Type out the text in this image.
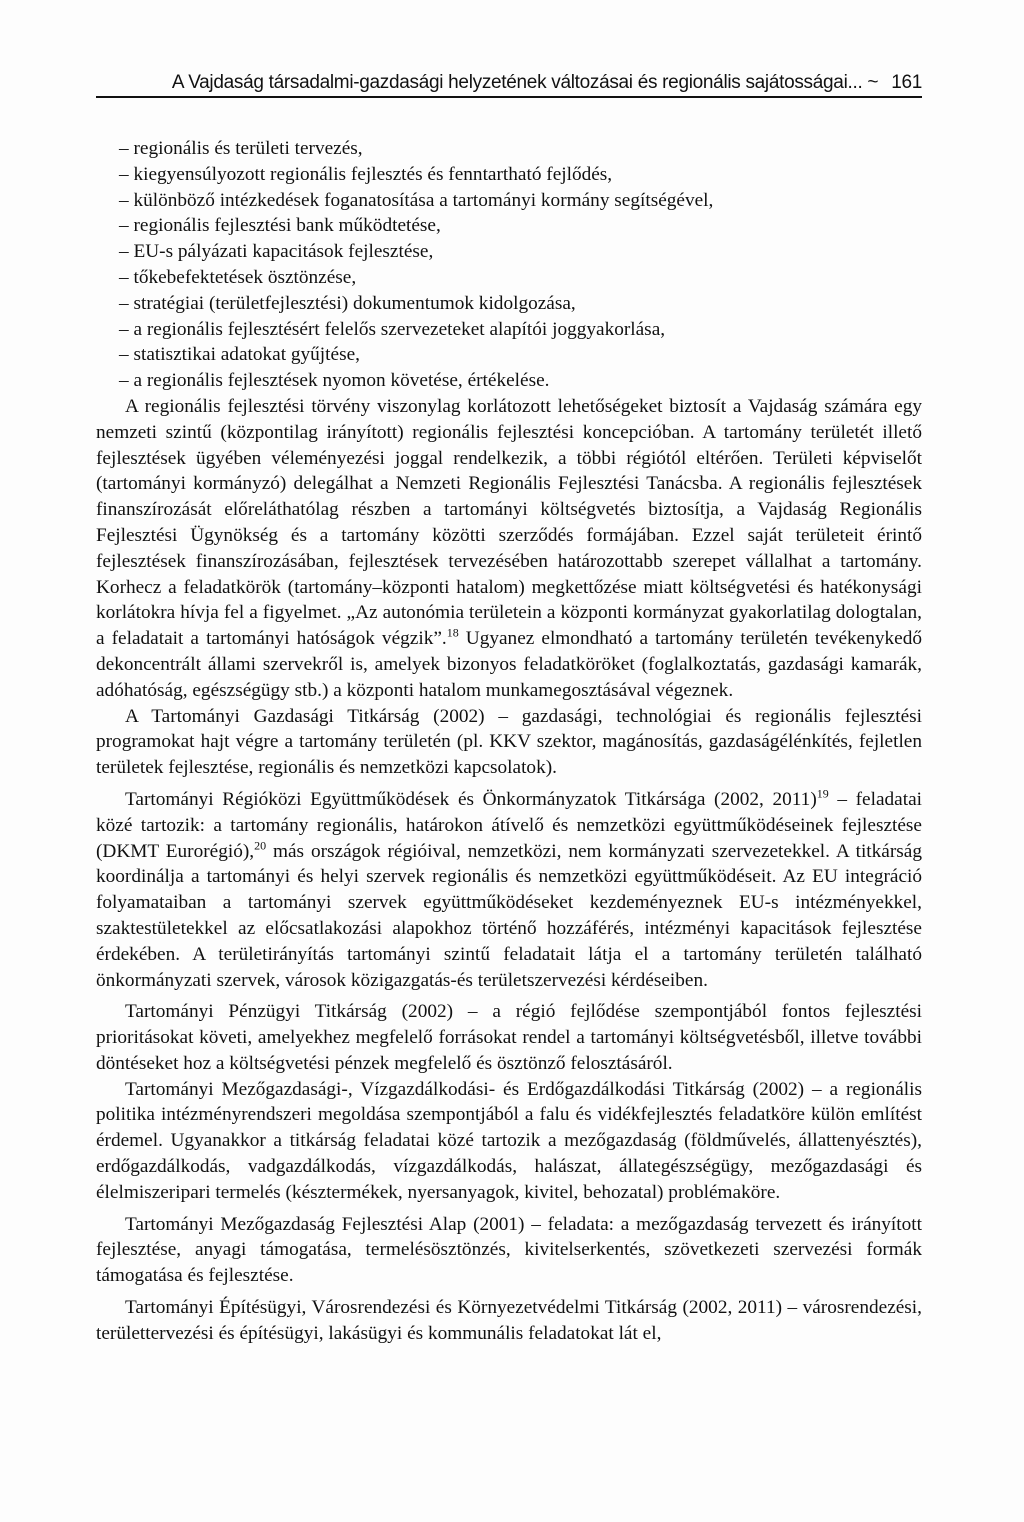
A Vajdaság társadalmi-gazdasági helyzetének változásai és regionális sajátosságai... ~ 161
– regionális és területi tervezés,
– kiegyensúlyozott regionális fejlesztés és fenntartható fejlődés,
– különböző intézkedések foganatosítása a tartományi kormány segítségével,
– regionális fejlesztési bank működtetése,
– EU-s pályázati kapacitások fejlesztése,
– tőkebefektetések ösztönzése,
– stratégiai (területfejlesztési) dokumentumok kidolgozása,
– a regionális fejlesztésért felelős szervezeteket alapítói joggyakorlása,
– statisztikai adatokat gyűjtése,
– a regionális fejlesztések nyomon követése, értékelése.

A regionális fejlesztési törvény viszonylag korlátozott lehetőségeket biztosít a Vajdaság számára egy nemzeti szintű (központilag irányított) regionális fejlesztési koncepcióban. A tartomány területét illető fejlesztések ügyében véleményezési joggal rendelkezik, a többi régiótól eltérően. Területi képviselőt (tartományi kormányzó) delegálhat a Nemzeti Regionális Fejlesztési Tanácsba. A regionális fejlesztések finanszírozását előreláthatólag részben a tartományi költségvetés biztosítja, a Vajdaság Regionális Fejlesztési Ügynökség és a tartomány közötti szerződés formájában. Ezzel saját területeit érintő fejlesztések finanszírozásában, fejlesztések tervezésében határozottabb szerepet vállalhat a tartomány. Korhecz a feladatkörök (tartomány–központi hatalom) megkettőzése miatt költségvetési és hatékonysági korlátokra hívja fel a figyelmet. „Az autonómia területein a központi kormányzat gyakorlatilag dologtalan, a feladatait a tartományi hatóságok végzik”.$^{18}$ Ugyanez elmondható a tartomány területén tevékenykedő dekoncentrált állami szervekről is, amelyek bizonyos feladatköröket (foglalkoztatás, gazdasági kamarák, adóhatóság, egészségügy stb.) a központi hatalom munkamegosztásával végeznek.

A Tartományi Gazdasági Titkárság (2002) – gazdasági, technológiai és regionális fejlesztési programokat hajt végre a tartomány területén (pl. KKV szektor, magánosítás, gazdaságélénkítés, fejletlen területek fejlesztése, regionális és nemzetközi kapcsolatok).

Tartományi Régióközi Együttműködések és Önkormányzatok Titkársága (2002, 2011)$^{19}$ – feladatai közé tartozik: a tartomány regionális, határokon átívelő és nemzetközi együttműködéseinek fejlesztése (DKMT Eurorégió),$^{20}$ más országok régióival, nemzetközi, nem kormányzati szervezetekkel. A titkárság koordinálja a tartományi és helyi szervek regionális és nemzetközi együttműködéseit. Az EU integráció folyamataiban a tartományi szervek együttműködéseket kezdeményeznek EU-s intézményekkel, szaktestületekkel az előcsatlakozási alapokhoz történő hozzáférés, intézményi kapacitások fejlesztése érdekében. A területirányítás tartományi szintű feladatait látja el a tartomány területén található önkormányzati szervek, városok közigazgatás-és területszervezési kérdéseiben.

Tartományi Pénzügyi Titkárság (2002) – a régió fejlődése szempontjából fontos fejlesztési prioritásokat követi, amelyekhez megfelelő forrásokat rendel a tartományi költségvetésből, illetve további döntéseket hoz a költségvetési pénzek megfelelő és ösztönző felosztásáról.

Tartományi Mezőgazdasági-, Vízgazdálkodási- és Erdőgazdálkodási Titkárság (2002) – a regionális politika intézményrendszeri megoldása szempontjából a falu és vidékfejlesztés feladatköre külön említést érdemel. Ugyanakkor a titkárság feladatai közé tartozik a mezőgazdaság (földművelés, állattenyésztés), erdőgazdálkodás, vadgazdálkodás, vízgazdálkodás, halászat, állategészségügy, mezőgazdasági és élelmiszeripari termelés (késztermékek, nyersanyagok, kivitel, behozatal) problémaköre.

Tartományi Mezőgazdaság Fejlesztési Alap (2001) – feladata: a mezőgazdaság tervezett és irányított fejlesztése, anyagi támogatása, termelésösztönzés, kivitelserkentés, szövetkezeti szervezési formák támogatása és fejlesztése.

Tartományi Építésügyi, Városrendezési és Környezetvédelmi Titkárság (2002, 2011) – városrendezési, területtervezési és építésügyi, lakásügyi és kommunális feladatokat lát el,
